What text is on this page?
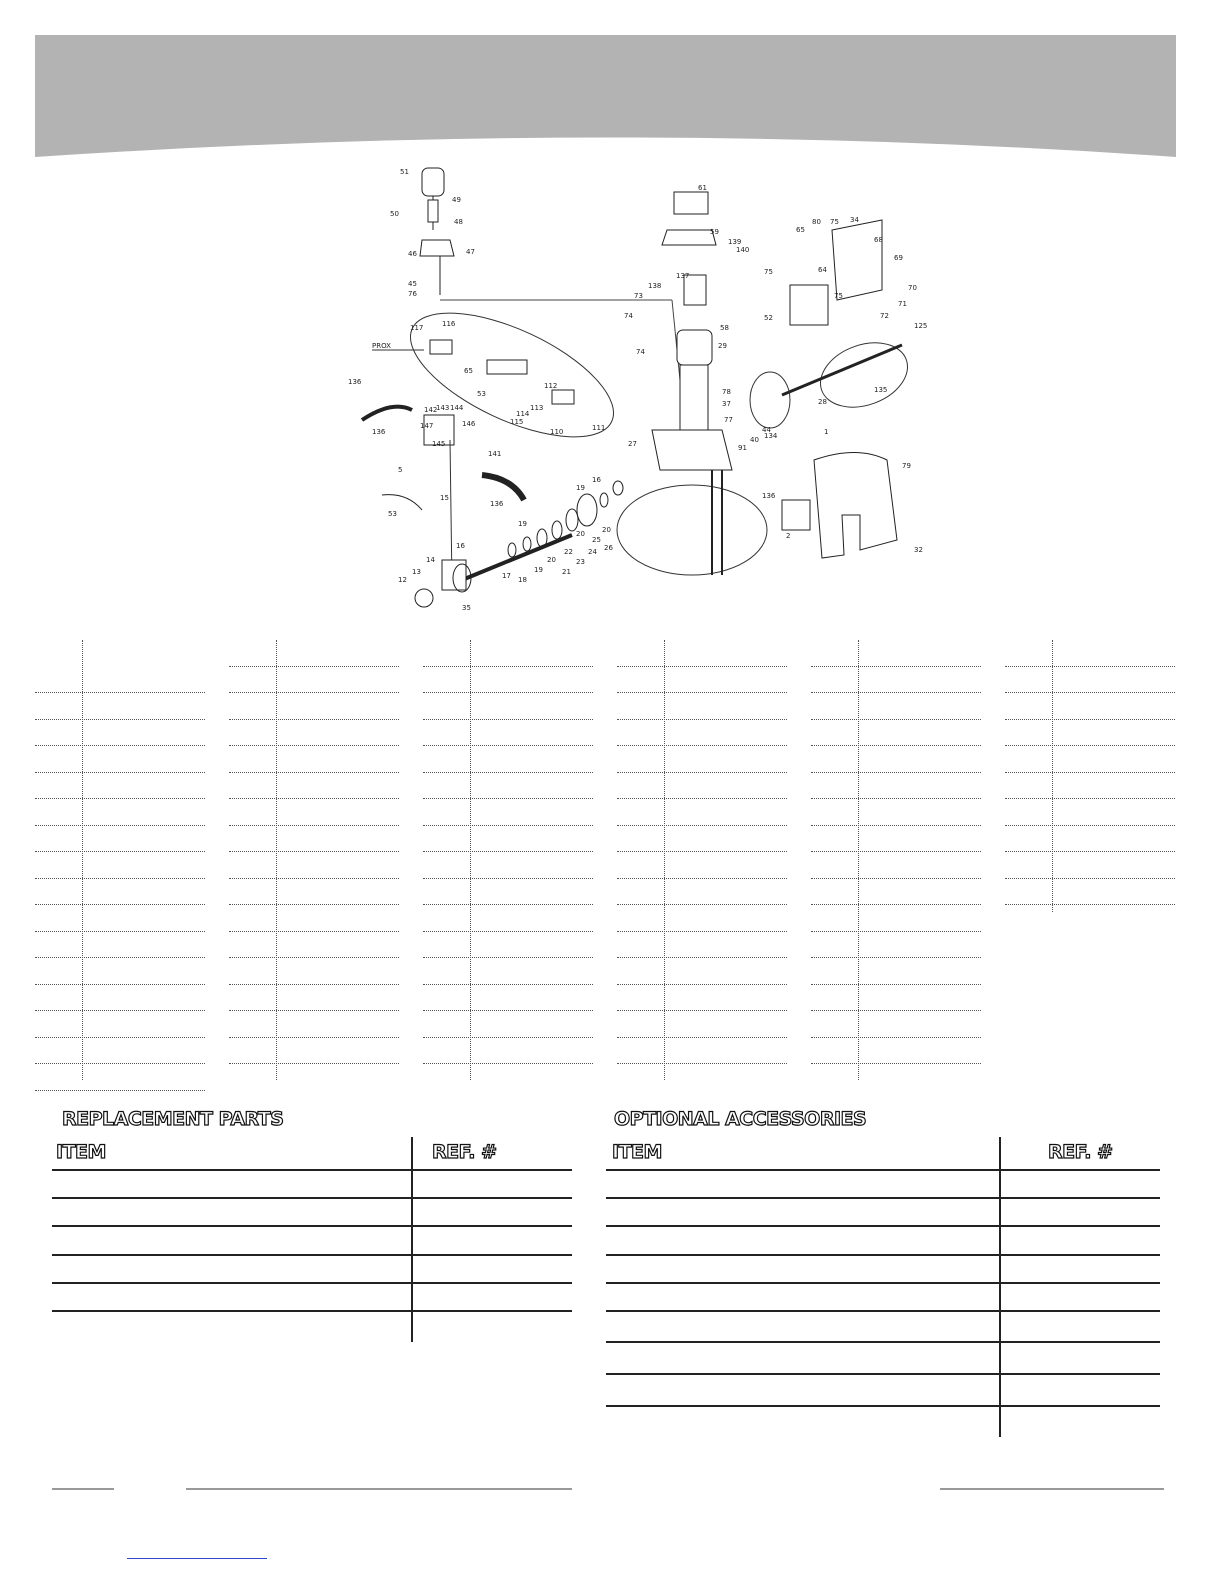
PROX
51
50
49
48
46	47
45
76
117	116
65
53
112
113
114
115
110	111
136
136
142
143 144
147
145
146
141
5
53
136
14
13
12
15
16
17 18
19
20
21
22
23
24
25
26
19
20 20
16
19
27
61
59
139
140
137
138
73
74
74
58
29
78
37
77
44
40
91
134
28
135
125
75 34
80
65
64
68
69
70
71
72
75
75
52
1
79
2
32
136
35
REPLACEMENT PARTS
ITEM	REF. #
OPTIONAL ACCESSORIES
ITEM	REF. #
